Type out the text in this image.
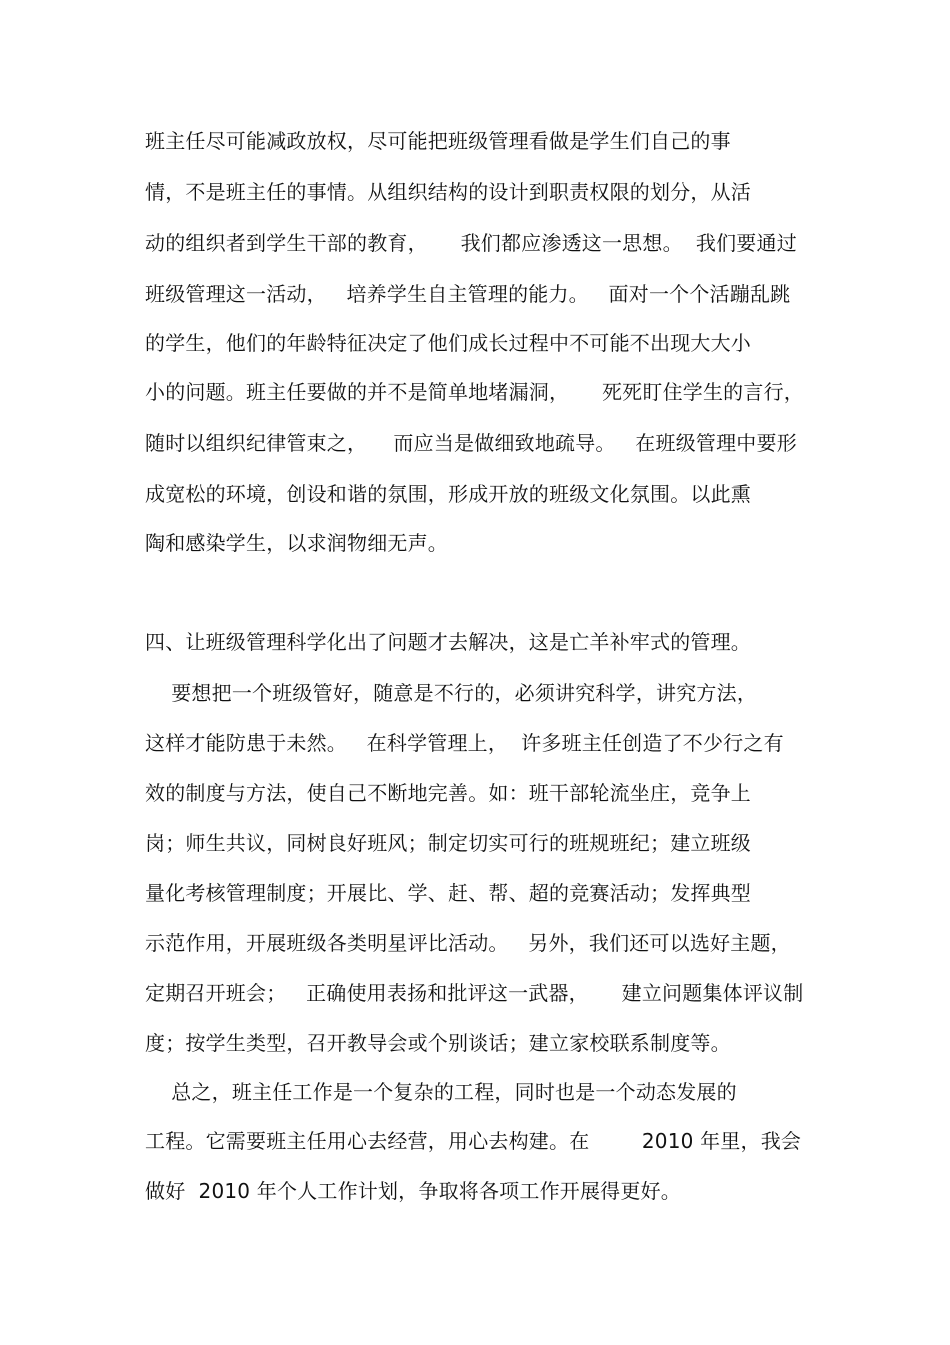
班主任尽可能减政放权，尽可能把班级管理看做是学生们自己的事
情，不是班主任的事情。从组织结构的设计到职责权限的划分，从活
动的组织者到学生干部的教育，     我们都应渗透这一思想。  我们要通过
班级管理这一活动，   培养学生自主管理的能力。   面对一个个活蹦乱跳
的学生，他们的年龄特征决定了他们成长过程中不可能不出现大大小
小的问题。班主任要做的并不是简单地堵漏洞，     死死盯住学生的言行，
随时以组织纪律管束之，    而应当是做细致地疏导。   在班级管理中要形
成宽松的环境，创设和谐的氛围，形成开放的班级文化氛围。以此熏
陶和感染学生，以求润物细无声。
四、让班级管理科学化出了问题才去解决，这是亡羊补牢式的管理。
要想把一个班级管好，随意是不行的，必须讲究科学，讲究方法，
这样才能防患于未然。   在科学管理上，  许多班主任创造了不少行之有
效的制度与方法，使自己不断地完善。如：班干部轮流坐庄，竞争上
岗；师生共议，同树良好班风；制定切实可行的班规班纪；建立班级
量化考核管理制度；开展比、学、赶、帮、超的竞赛活动；发挥典型
示范作用，开展班级各类明星评比活动。   另外，我们还可以选好主题，
定期召开班会；   正确使用表扬和批评这一武器，     建立问题集体评议制
度；按学生类型，召开教导会或个别谈话；建立家校联系制度等。
总之，班主任工作是一个复杂的工程，同时也是一个动态发展的
工程。它需要班主任用心去经营，用心去构建。在        2010 年里，我会
做好  2010 年个人工作计划，争取将各项工作开展得更好。
